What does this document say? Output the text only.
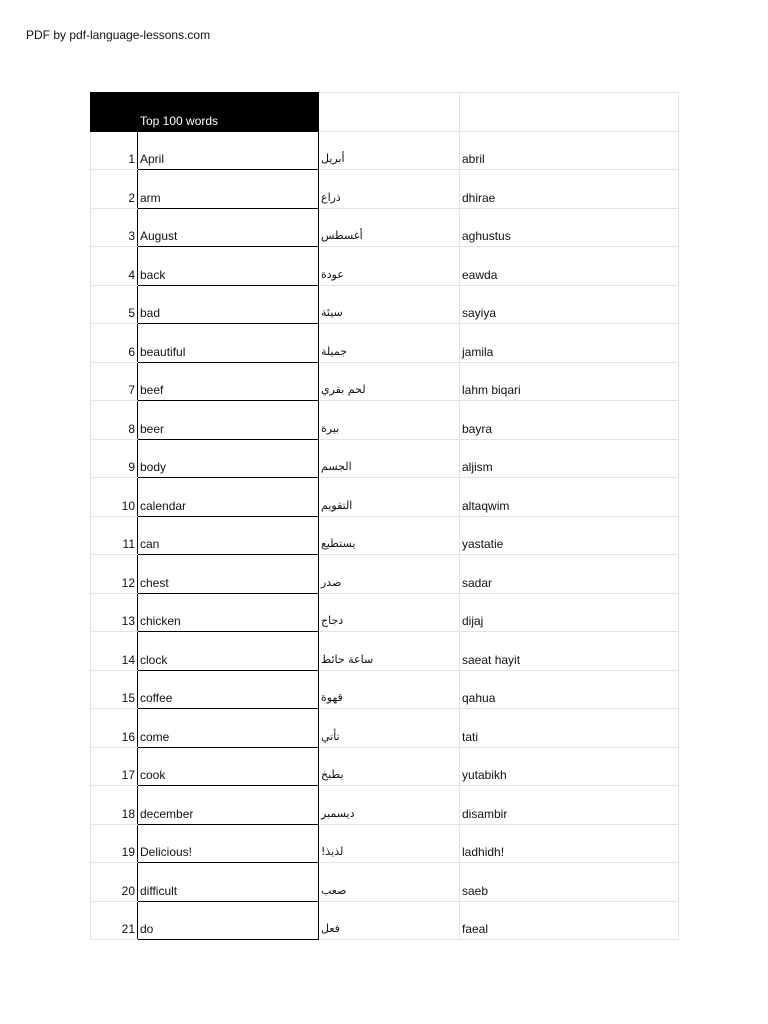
PDF by pdf-language-lessons.com

	Top 100 words		

1	April	أبريل	abril

2	arm	ذراع	dhirae

3	August	أغسطس	aghustus

4	back	عودة	eawda

5	bad	سيئة	sayiya

6	beautiful	جميلة	jamila

7	beef	لحم بقري	lahm biqari

8	beer	بيرة	bayra

9	body	الجسم	aljism

10	calendar	التقويم	altaqwim

11	can	يستطيع	yastatie

12	chest	صدر	sadar

13	chicken	دجاج	dijaj

14	clock	ساعة حائط	saeat hayit

15	coffee	قهوة	qahua

16	come	تأتي	tati

17	cook	يطبخ	yutabikh

18	december	ديسمبر	disambir

19	Delicious!	لذيذ!	ladhidh!

20	difficult	صعب	saeb

21	do	فعل	faeal
